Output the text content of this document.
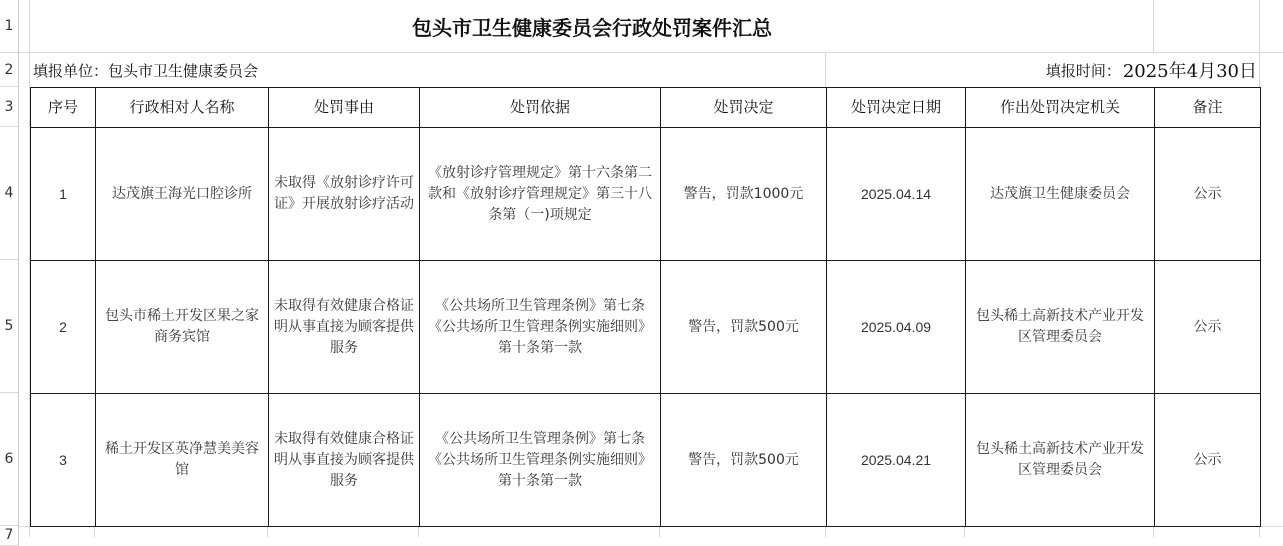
1
2
3
4
5
6
7
包头市卫生健康委员会行政处罚案件汇总
填报单位：包头市卫生健康委员会	填报时间： 2025年4月30日
序号	行政相对人名称	处罚事由	处罚依据	处罚决定	处罚决定日期	作出处罚决定机关	备注
1	达茂旗王海光口腔诊所	未取得《放射诊疗许可证》开展放射诊疗活动	《放射诊疗管理规定》第十六条第二款和《放射诊疗管理规定》第三十八条第（一)项规定	警告，罚款1000元	2025.04.14	达茂旗卫生健康委员会	公示
2	包头市稀土开发区果之家商务宾馆	未取得有效健康合格证明从事直接为顾客提供服务	《公共场所卫生管理条例》第七条《公共场所卫生管理条例实施细则》第十条第一款	警告，罚款500元	2025.04.09	包头稀土高新技术产业开发区管理委员会	公示
3	稀土开发区英净慧美美容馆	未取得有效健康合格证明从事直接为顾客提供服务	《公共场所卫生管理条例》第七条《公共场所卫生管理条例实施细则》第十条第一款	警告，罚款500元	2025.04.21	包头稀土高新技术产业开发区管理委员会	公示
